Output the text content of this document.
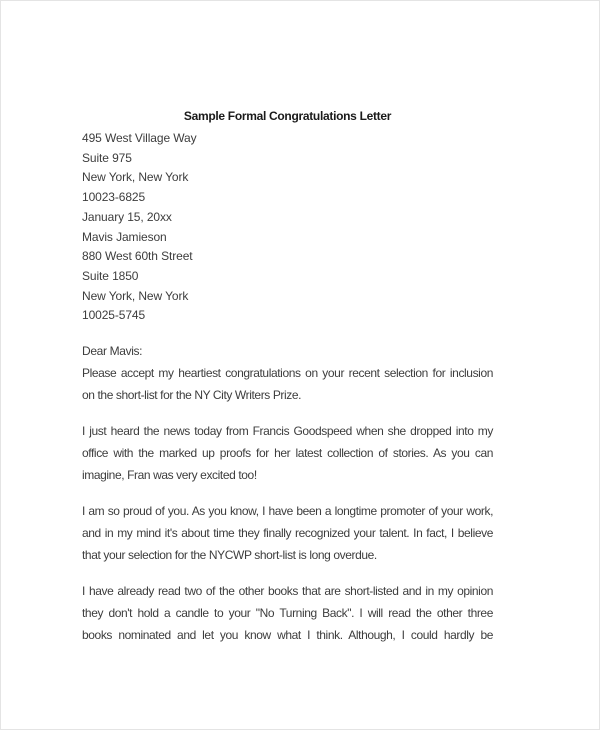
Sample Formal Congratulations Letter
495 West Village Way
Suite 975
New York, New York
10023-6825
January 15, 20xx
Mavis Jamieson
880 West 60th Street
Suite 1850
New York, New York
10025-5745
Dear Mavis:
Please accept my heartiest congratulations on your recent selection for inclusion
on the short-list for the NY City Writers Prize.
I just heard the news today from Francis Goodspeed when she dropped into my
office with the marked up proofs for her latest collection of stories. As you can
imagine, Fran was very excited too!
I am so proud of you. As you know, I have been a longtime promoter of your work,
and in my mind it's about time they finally recognized your talent. In fact, I believe
that your selection for the NYCWP short-list is long overdue.
I have already read two of the other books that are short-listed and in my opinion
they don't hold a candle to your "No Turning Back". I will read the other three
books nominated and let you know what I think. Although, I could hardly be
